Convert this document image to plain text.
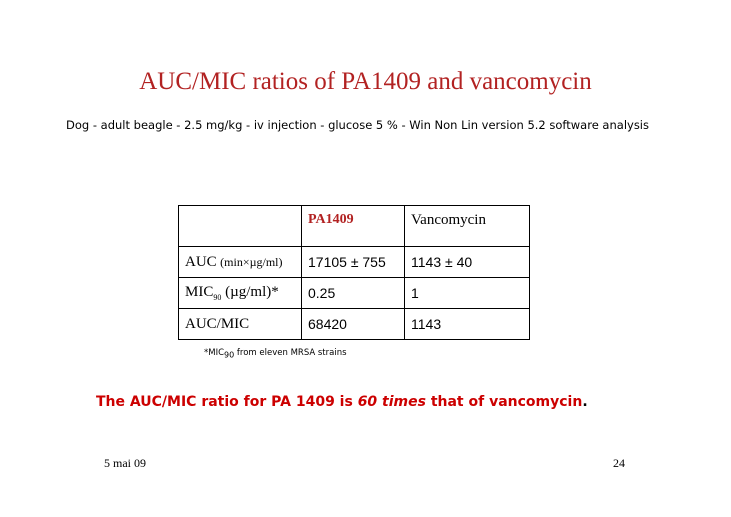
AUC/MIC ratios of PA1409 and vancomycin
Dog - adult beagle - 2.5 mg/kg - iv injection - glucose 5 % - Win Non Lin version 5.2 software analysis
	PA1409	Vancomycin
AUC (min×µg/ml)	17105 ± 755	1143 ± 40
$MIC_{90}$ (µg/ml)*	0.25	1
AUC/MIC	68420	1143
$*MIC_{90}$ from eleven MRSA strains
The AUC/MIC ratio for PA 1409 is 60 times that of vancomycin.
5 mai 09	24
